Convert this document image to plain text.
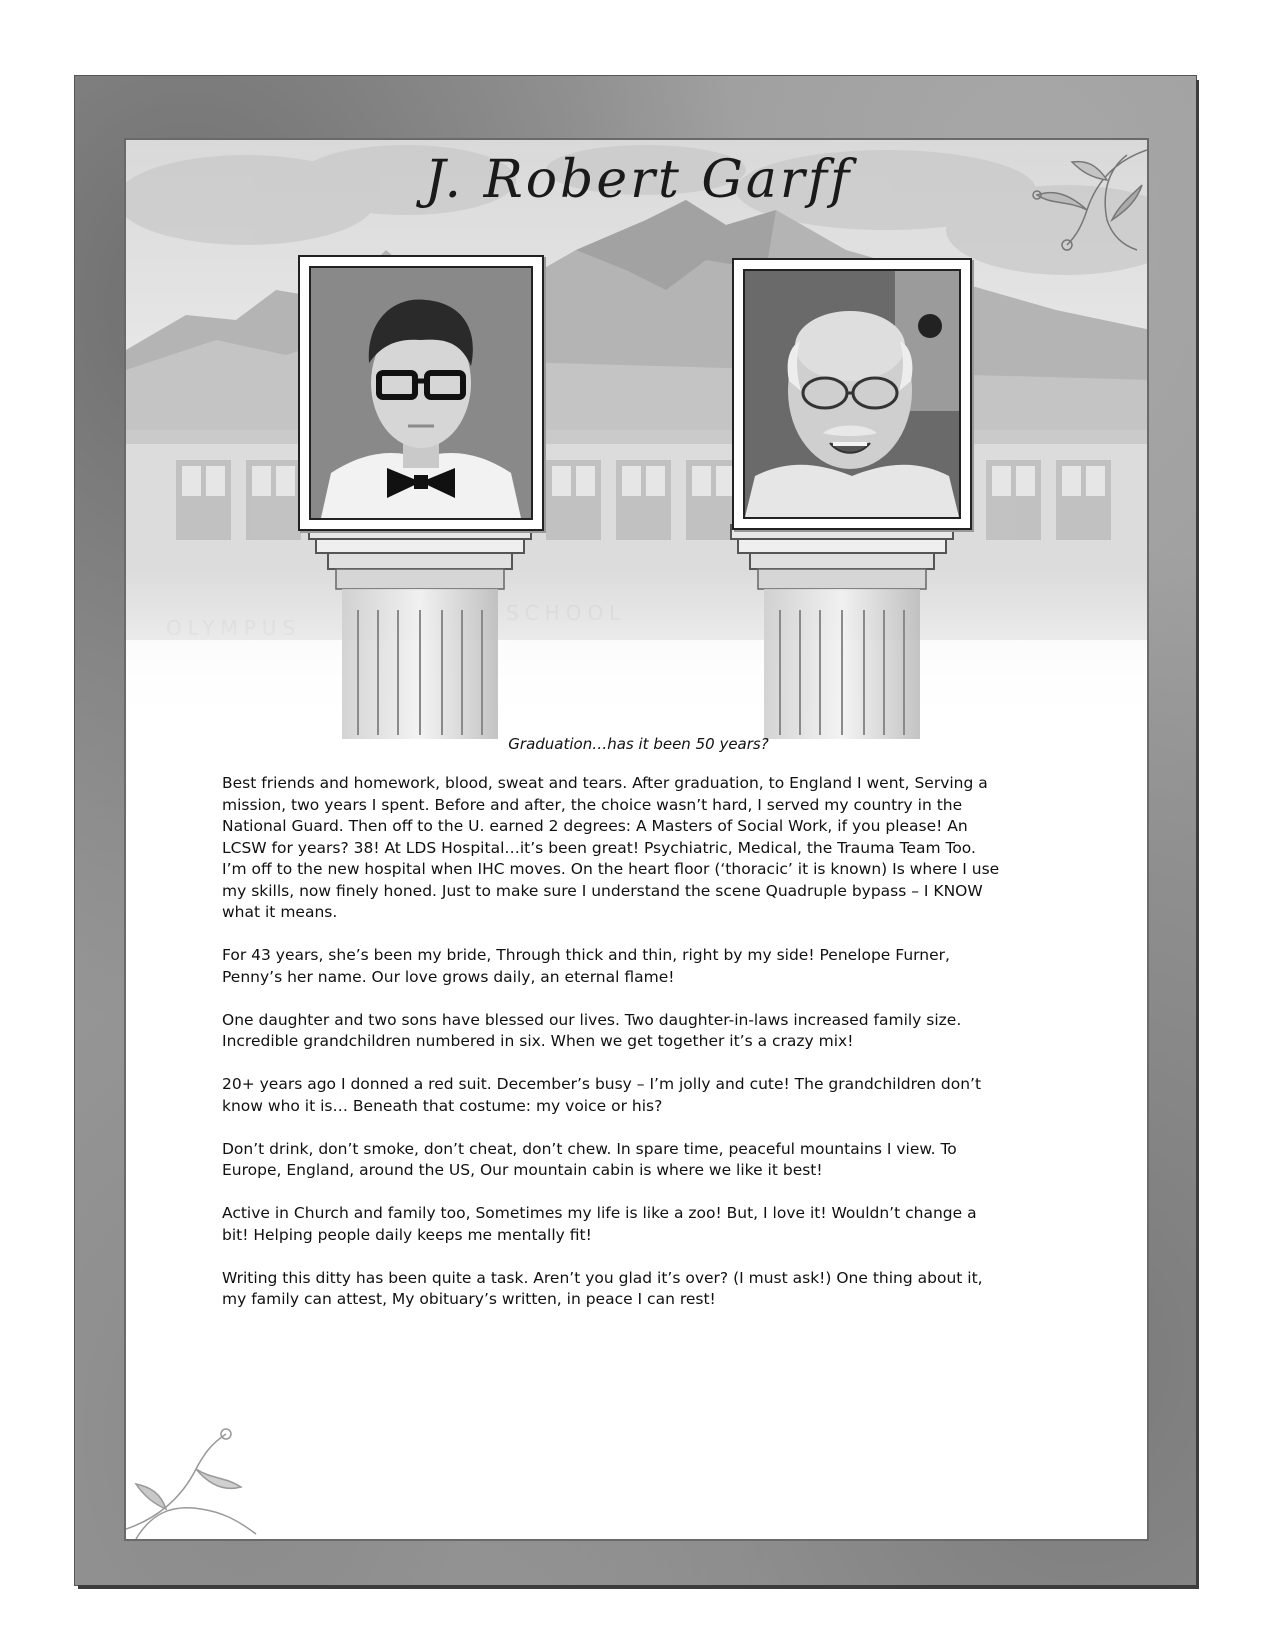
J. Robert Garff
Graduation…has it been 50 years?

Best friends and homework, blood, sweat and tears. After graduation, to England I went, Serving a mission, two years I spent. Before and after, the choice wasn’t hard, I served my country in the National Guard. Then off to the U. earned 2 degrees: A Masters of Social Work, if you please! An LCSW for years? 38! At LDS Hospital…it’s been great! Psychiatric, Medical, the Trauma Team Too. I’m off to the new hospital when IHC moves. On the heart floor (‘thoracic’ it is known) Is where I use my skills, now finely honed. Just to make sure I understand the scene Quadruple bypass – I KNOW what it means.

For 43 years, she’s been my bride, Through thick and thin, right by my side! Penelope Furner, Penny’s her name. Our love grows daily, an eternal flame!

One daughter and two sons have blessed our lives. Two daughter-in-laws increased family size. Incredible grandchildren numbered in six. When we get together it’s a crazy mix!

20+ years ago I donned a red suit. December’s busy – I’m jolly and cute! The grandchildren don’t know who it is… Beneath that costume: my voice or his?

Don’t drink, don’t smoke, don’t cheat, don’t chew. In spare time, peaceful mountains I view. To Europe, England, around the US, Our mountain cabin is where we like it best!

Active in Church and family too, Sometimes my life is like a zoo! But, I love it! Wouldn’t change a bit! Helping people daily keeps me mentally fit!

Writing this ditty has been quite a task. Aren’t you glad it’s over? (I must ask!) One thing about it, my family can attest, My obituary’s written, in peace I can rest!
